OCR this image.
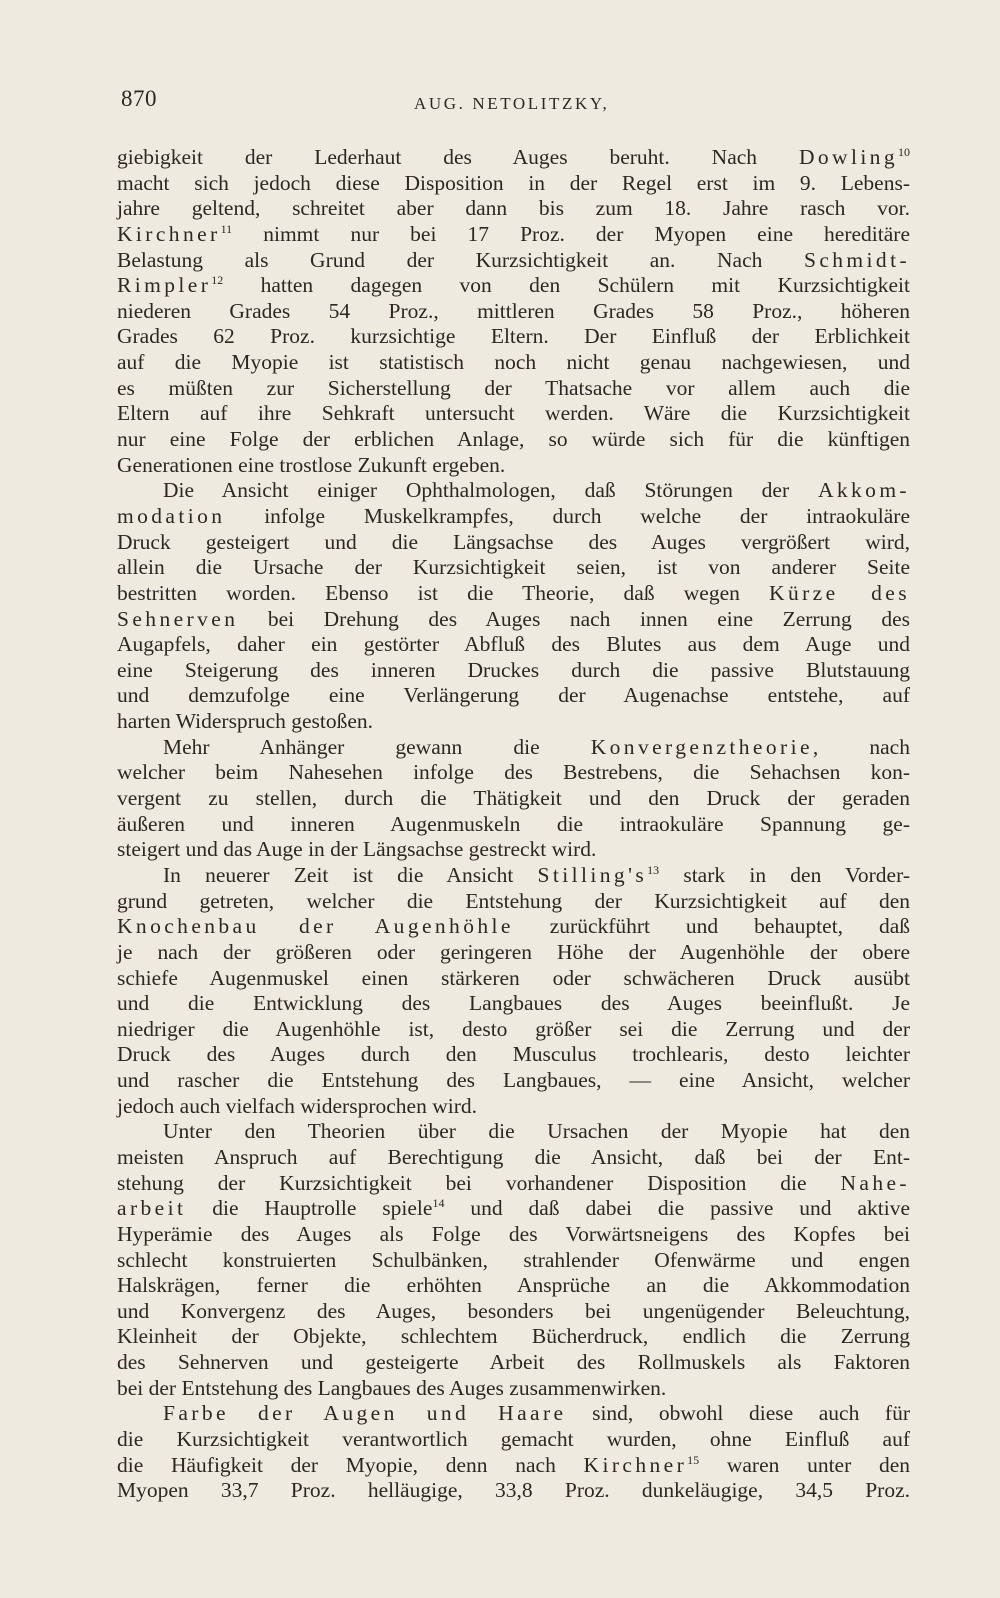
870	AUG. NETOLITZKY,
giebigkeit der Lederhaut des Auges beruht. Nach Dowling$^{10}$
macht sich jedoch diese Disposition in der Regel erst im 9. Lebens-
jahre geltend, schreitet aber dann bis zum 18. Jahre rasch vor.
Kirchner$^{11}$ nimmt nur bei 17 Proz. der Myopen eine hereditäre
Belastung als Grund der Kurzsichtigkeit an. Nach Schmidt-
Rimpler$^{12}$ hatten dagegen von den Schülern mit Kurzsichtigkeit
niederen Grades 54 Proz., mittleren Grades 58 Proz., höheren
Grades 62 Proz. kurzsichtige Eltern. Der Einfluß der Erblichkeit
auf die Myopie ist statistisch noch nicht genau nachgewiesen, und
es müßten zur Sicherstellung der Thatsache vor allem auch die
Eltern auf ihre Sehkraft untersucht werden. Wäre die Kurzsichtigkeit
nur eine Folge der erblichen Anlage, so würde sich für die künftigen
Generationen eine trostlose Zukunft ergeben.
Die Ansicht einiger Ophthalmologen, daß Störungen der Akkom-
modation infolge Muskelkrampfes, durch welche der intraokuläre
Druck gesteigert und die Längsachse des Auges vergrößert wird,
allein die Ursache der Kurzsichtigkeit seien, ist von anderer Seite
bestritten worden. Ebenso ist die Theorie, daß wegen Kürze des
Sehnerven bei Drehung des Auges nach innen eine Zerrung des
Augapfels, daher ein gestörter Abfluß des Blutes aus dem Auge und
eine Steigerung des inneren Druckes durch die passive Blutstauung
und demzufolge eine Verlängerung der Augenachse entstehe, auf
harten Widerspruch gestoßen.
Mehr Anhänger gewann die Konvergenztheorie, nach
welcher beim Nahesehen infolge des Bestrebens, die Sehachsen kon-
vergent zu stellen, durch die Thätigkeit und den Druck der geraden
äußeren und inneren Augenmuskeln die intraokuläre Spannung ge-
steigert und das Auge in der Längsachse gestreckt wird.
In neuerer Zeit ist die Ansicht $Stilling's^{13}$ stark in den Vorder-
grund getreten, welcher die Entstehung der Kurzsichtigkeit auf den
Knochenbau der Augenhöhle zurückführt und behauptet, daß
je nach der größeren oder geringeren Höhe der Augenhöhle der obere
schiefe Augenmuskel einen stärkeren oder schwächeren Druck ausübt
und die Entwicklung des Langbaues des Auges beeinflußt. Je
niedriger die Augenhöhle ist, desto größer sei die Zerrung und der
Druck des Auges durch den Musculus trochlearis, desto leichter
und rascher die Entstehung des Langbaues, — eine Ansicht, welcher
jedoch auch vielfach widersprochen wird.
Unter den Theorien über die Ursachen der Myopie hat den
meisten Anspruch auf Berechtigung die Ansicht, daß bei der Ent-
stehung der Kurzsichtigkeit bei vorhandener Disposition die Nahe-
arbeit die Hauptrolle spiele$^{14}$ und daß dabei die passive und aktive
Hyperämie des Auges als Folge des Vorwärtsneigens des Kopfes bei
schlecht konstruierten Schulbänken, strahlender Ofenwärme und engen
Halskrägen, ferner die erhöhten Ansprüche an die Akkommodation
und Konvergenz des Auges, besonders bei ungenügender Beleuchtung,
Kleinheit der Objekte, schlechtem Bücherdruck, endlich die Zerrung
des Sehnerven und gesteigerte Arbeit des Rollmuskels als Faktoren
bei der Entstehung des Langbaues des Auges zusammenwirken.
Farbe der Augen und Haare sind, obwohl diese auch für
die Kurzsichtigkeit verantwortlich gemacht wurden, ohne Einfluß auf
die Häufigkeit der Myopie, denn nach Kirchner$^{15}$ waren unter den
Myopen 33,7 Proz. helläugige, 33,8 Proz. dunkeläugige, 34,5 Proz.
